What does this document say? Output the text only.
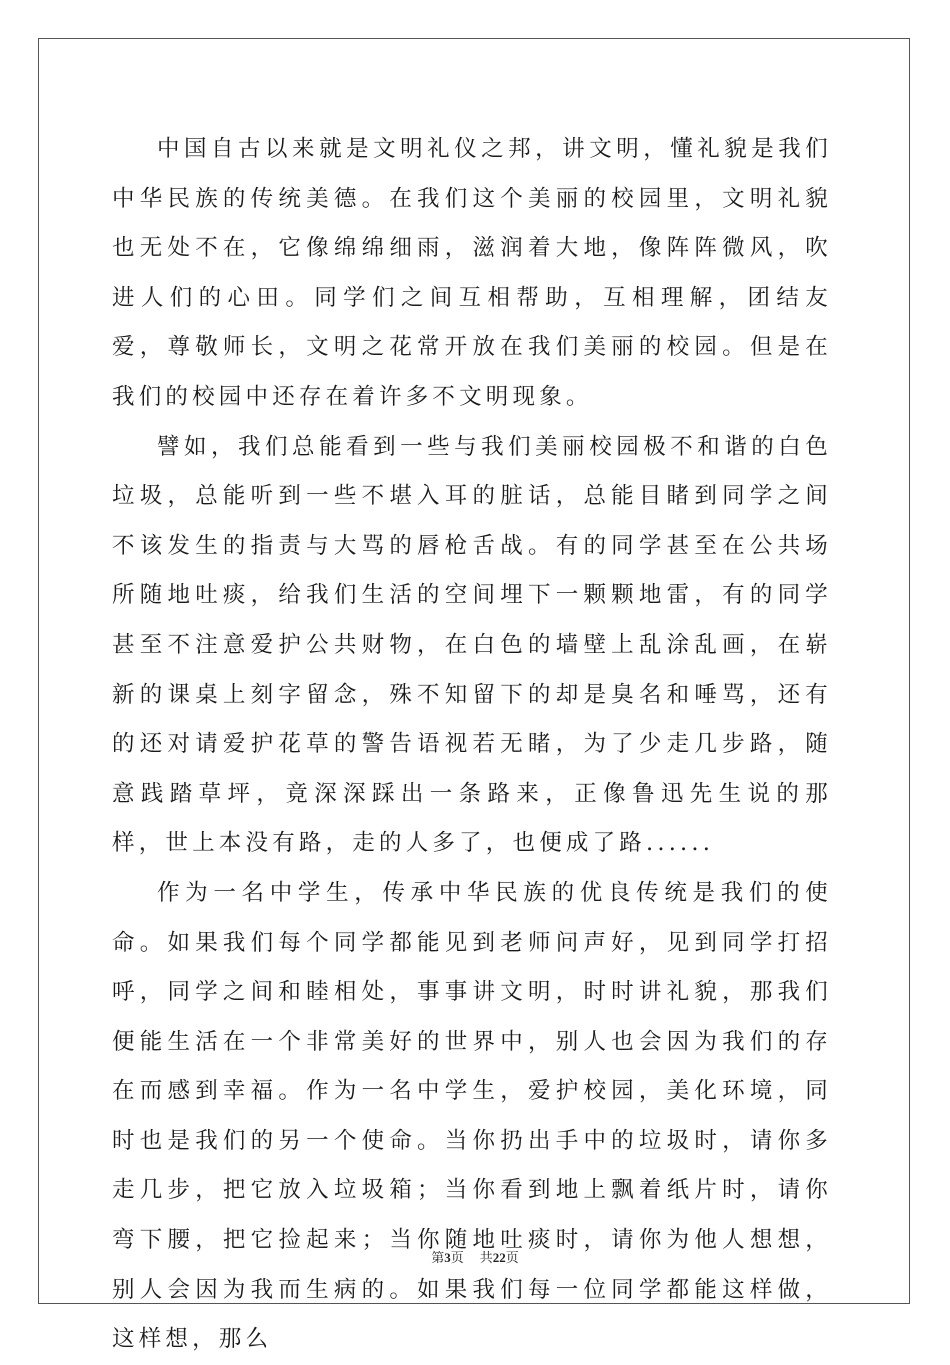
中国自古以来就是文明礼仪之邦，讲文明，懂礼貌是我们中华民族的传统美德。在我们这个美丽的校园里，文明礼貌也无处不在，它像绵绵细雨，滋润着大地，像阵阵微风，吹进人们的心田。同学们之间互相帮助，互相理解，团结友爱，尊敬师长，文明之花常开放在我们美丽的校园。但是在我们的校园中还存在着许多不文明现象。

譬如，我们总能看到一些与我们美丽校园极不和谐的白色垃圾，总能听到一些不堪入耳的脏话，总能目睹到同学之间不该发生的指责与大骂的唇枪舌战。有的同学甚至在公共场所随地吐痰，给我们生活的空间埋下一颗颗地雷，有的同学甚至不注意爱护公共财物，在白色的墙壁上乱涂乱画，在崭新的课桌上刻字留念，殊不知留下的却是臭名和唾骂，还有的还对请爱护花草的警告语视若无睹，为了少走几步路，随意践踏草坪，竟深深踩出一条路来，正像鲁迅先生说的那样，世上本没有路，走的人多了，也便成了路......

作为一名中学生，传承中华民族的优良传统是我们的使命。如果我们每个同学都能见到老师问声好，见到同学打招呼，同学之间和睦相处，事事讲文明，时时讲礼貌，那我们便能生活在一个非常美好的世界中，别人也会因为我们的存在而感到幸福。作为一名中学生，爱护校园，美化环境，同时也是我们的另一个使命。当你扔出手中的垃圾时，请你多走几步，把它放入垃圾箱；当你看到地上飘着纸片时，请你弯下腰，把它捡起来；当你随地吐痰时，请你为他人想想，别人会因为我而生病的。如果我们每一位同学都能这样做，这样想，那么

第3页 共22页
